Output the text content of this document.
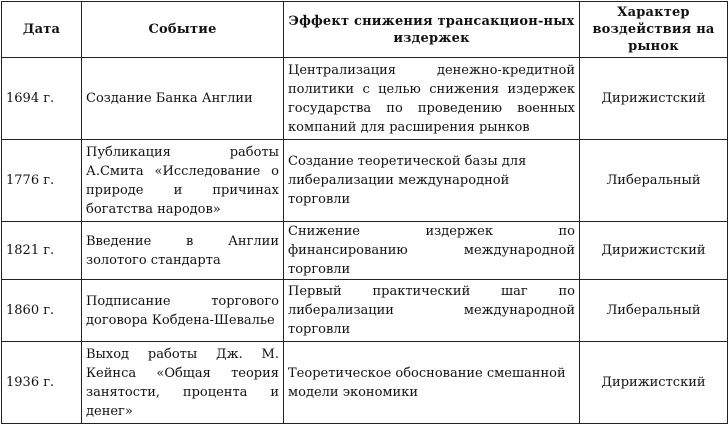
Дата	Событие	Эффект снижения трансакцион-ных издержек	Характер воздействия на рынок
1694 г.	Создание Банка Англии	Централизация денежно-кредитной политики с целью снижения издержек государства по проведению военных компаний для расширения рынков	Дирижистский
1776 г.	Публикация работы А.Смита «Исследование о природе и причинах богатства народов»	Создание теоретической базы для либерализации международной торговли	Либеральный
1821 г.	Введение в Англии золотого стандарта	Снижение издержек по финансированию международной торговли	Дирижистский
1860 г.	Подписание торгового договора Кобдена-Шевалье	Первый практический шаг по либерализации международной торговли	Либеральный
1936 г.	Выход работы Дж. М. Кейнса «Общая теория занятости, процента и денег»	Теоретическое обоснование смешанной модели экономики	Дирижистский
